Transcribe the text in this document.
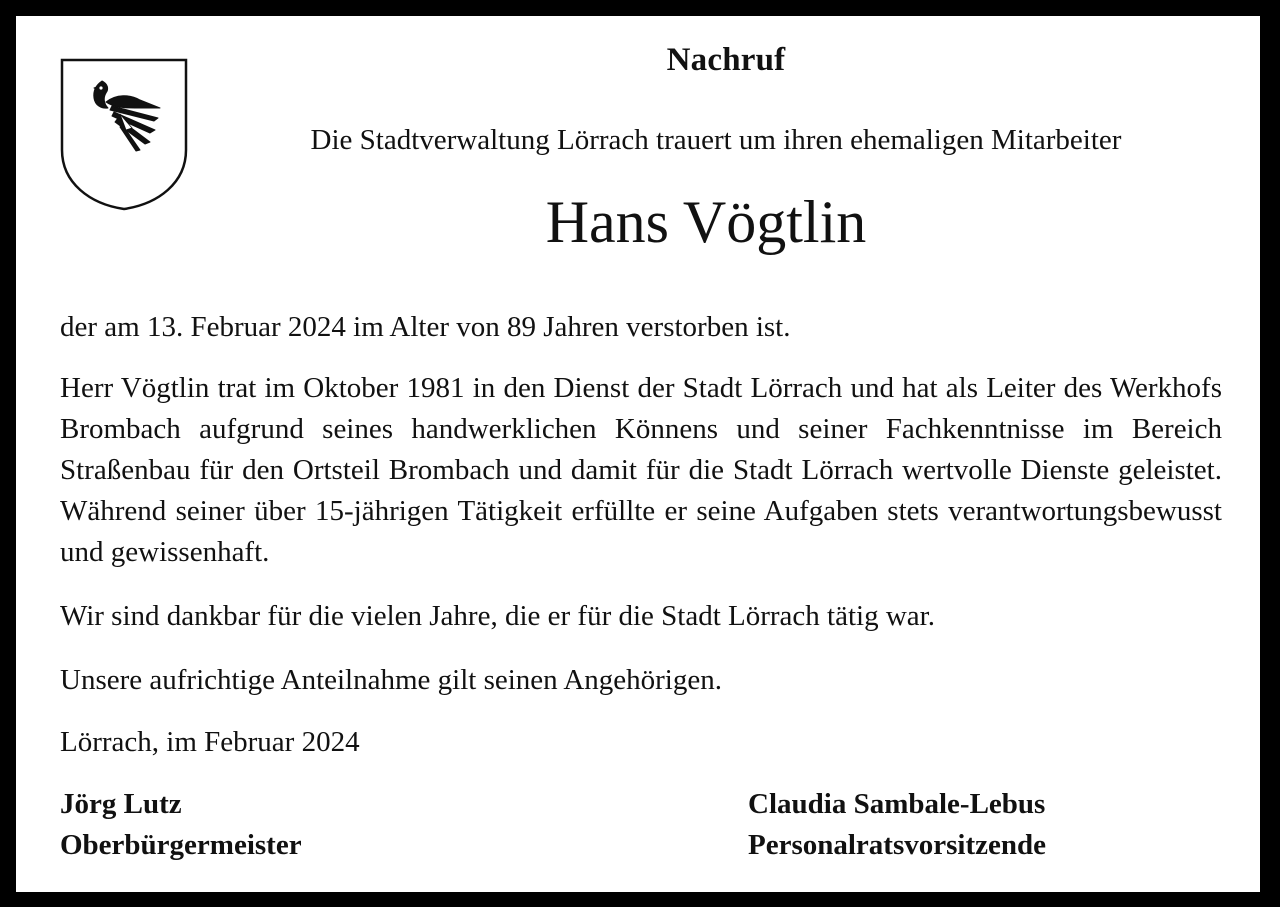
Nachruf
Die Stadtverwaltung Lörrach trauert um ihren ehemaligen Mitarbeiter
Hans Vögtlin
der am 13. Februar 2024 im Alter von 89 Jahren verstorben ist.
Herr Vögtlin trat im Oktober 1981 in den Dienst der Stadt Lörrach und hat als Leiter des Werkhofs Brombach aufgrund seines handwerklichen Könnens und seiner Fachkenntnisse im Bereich Straßenbau für den Ortsteil Brombach und damit für die Stadt Lörrach wertvolle Dienste geleistet. Während seiner über 15-jährigen Tätigkeit erfüllte er seine Aufgaben stets verantwortungsbewusst und gewissenhaft.
Wir sind dankbar für die vielen Jahre, die er für die Stadt Lörrach tätig war.
Unsere aufrichtige Anteilnahme gilt seinen Angehörigen.
Lörrach, im Februar 2024
Jörg Lutz
Oberbürgermeister
Claudia Sambale-Lebus
Personalratsvorsitzende
